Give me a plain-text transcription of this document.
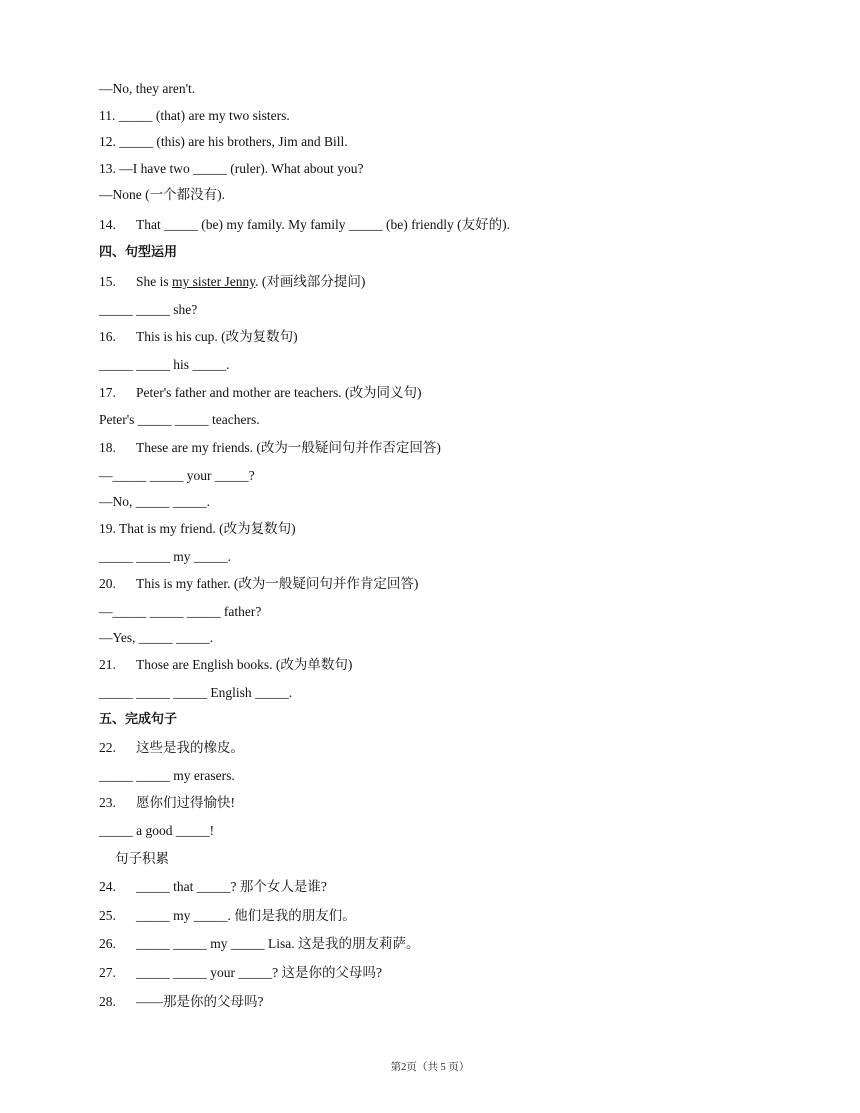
—No, they aren't.
11. _____ (that) are my two sisters.
12. _____ (this) are his brothers, Jim and Bill.
13. —I have two _____ (ruler). What about you?
—None (一个都没有).
14. That _____ (be) my family. My family _____ (be) friendly (友好的).
四、句型运用
15. She is my sister Jenny. (对画线部分提问)
_____ _____ she?
16. This is his cup. (改为复数句)
_____ _____ his _____.
17. Peter's father and mother are teachers. (改为同义句)
Peter's _____ _____ teachers.
18. These are my friends. (改为一般疑问句并作否定回答)
—_____ _____ your _____?
—No, _____ _____.
19. That is my friend. (改为复数句)
_____ _____ my _____.
20. This is my father. (改为一般疑问句并作肯定回答)
—_____ _____ _____ father?
—Yes, _____ _____.
21. Those are English books. (改为单数句)
_____ _____ _____ English _____.
五、完成句子
22. 这些是我的橡皮。
_____ _____ my erasers.
23. 愿你们过得愉快!
_____ a good _____!
句子积累
24. _____ that _____? 那个女人是谁?
25. _____ my _____. 他们是我的朋友们。
26. _____ _____ my _____ Lisa. 这是我的朋友莉萨。
27. _____ _____ your _____? 这是你的父母吗?
28. ——那是你的父母吗?
第2页（共 5 页）
